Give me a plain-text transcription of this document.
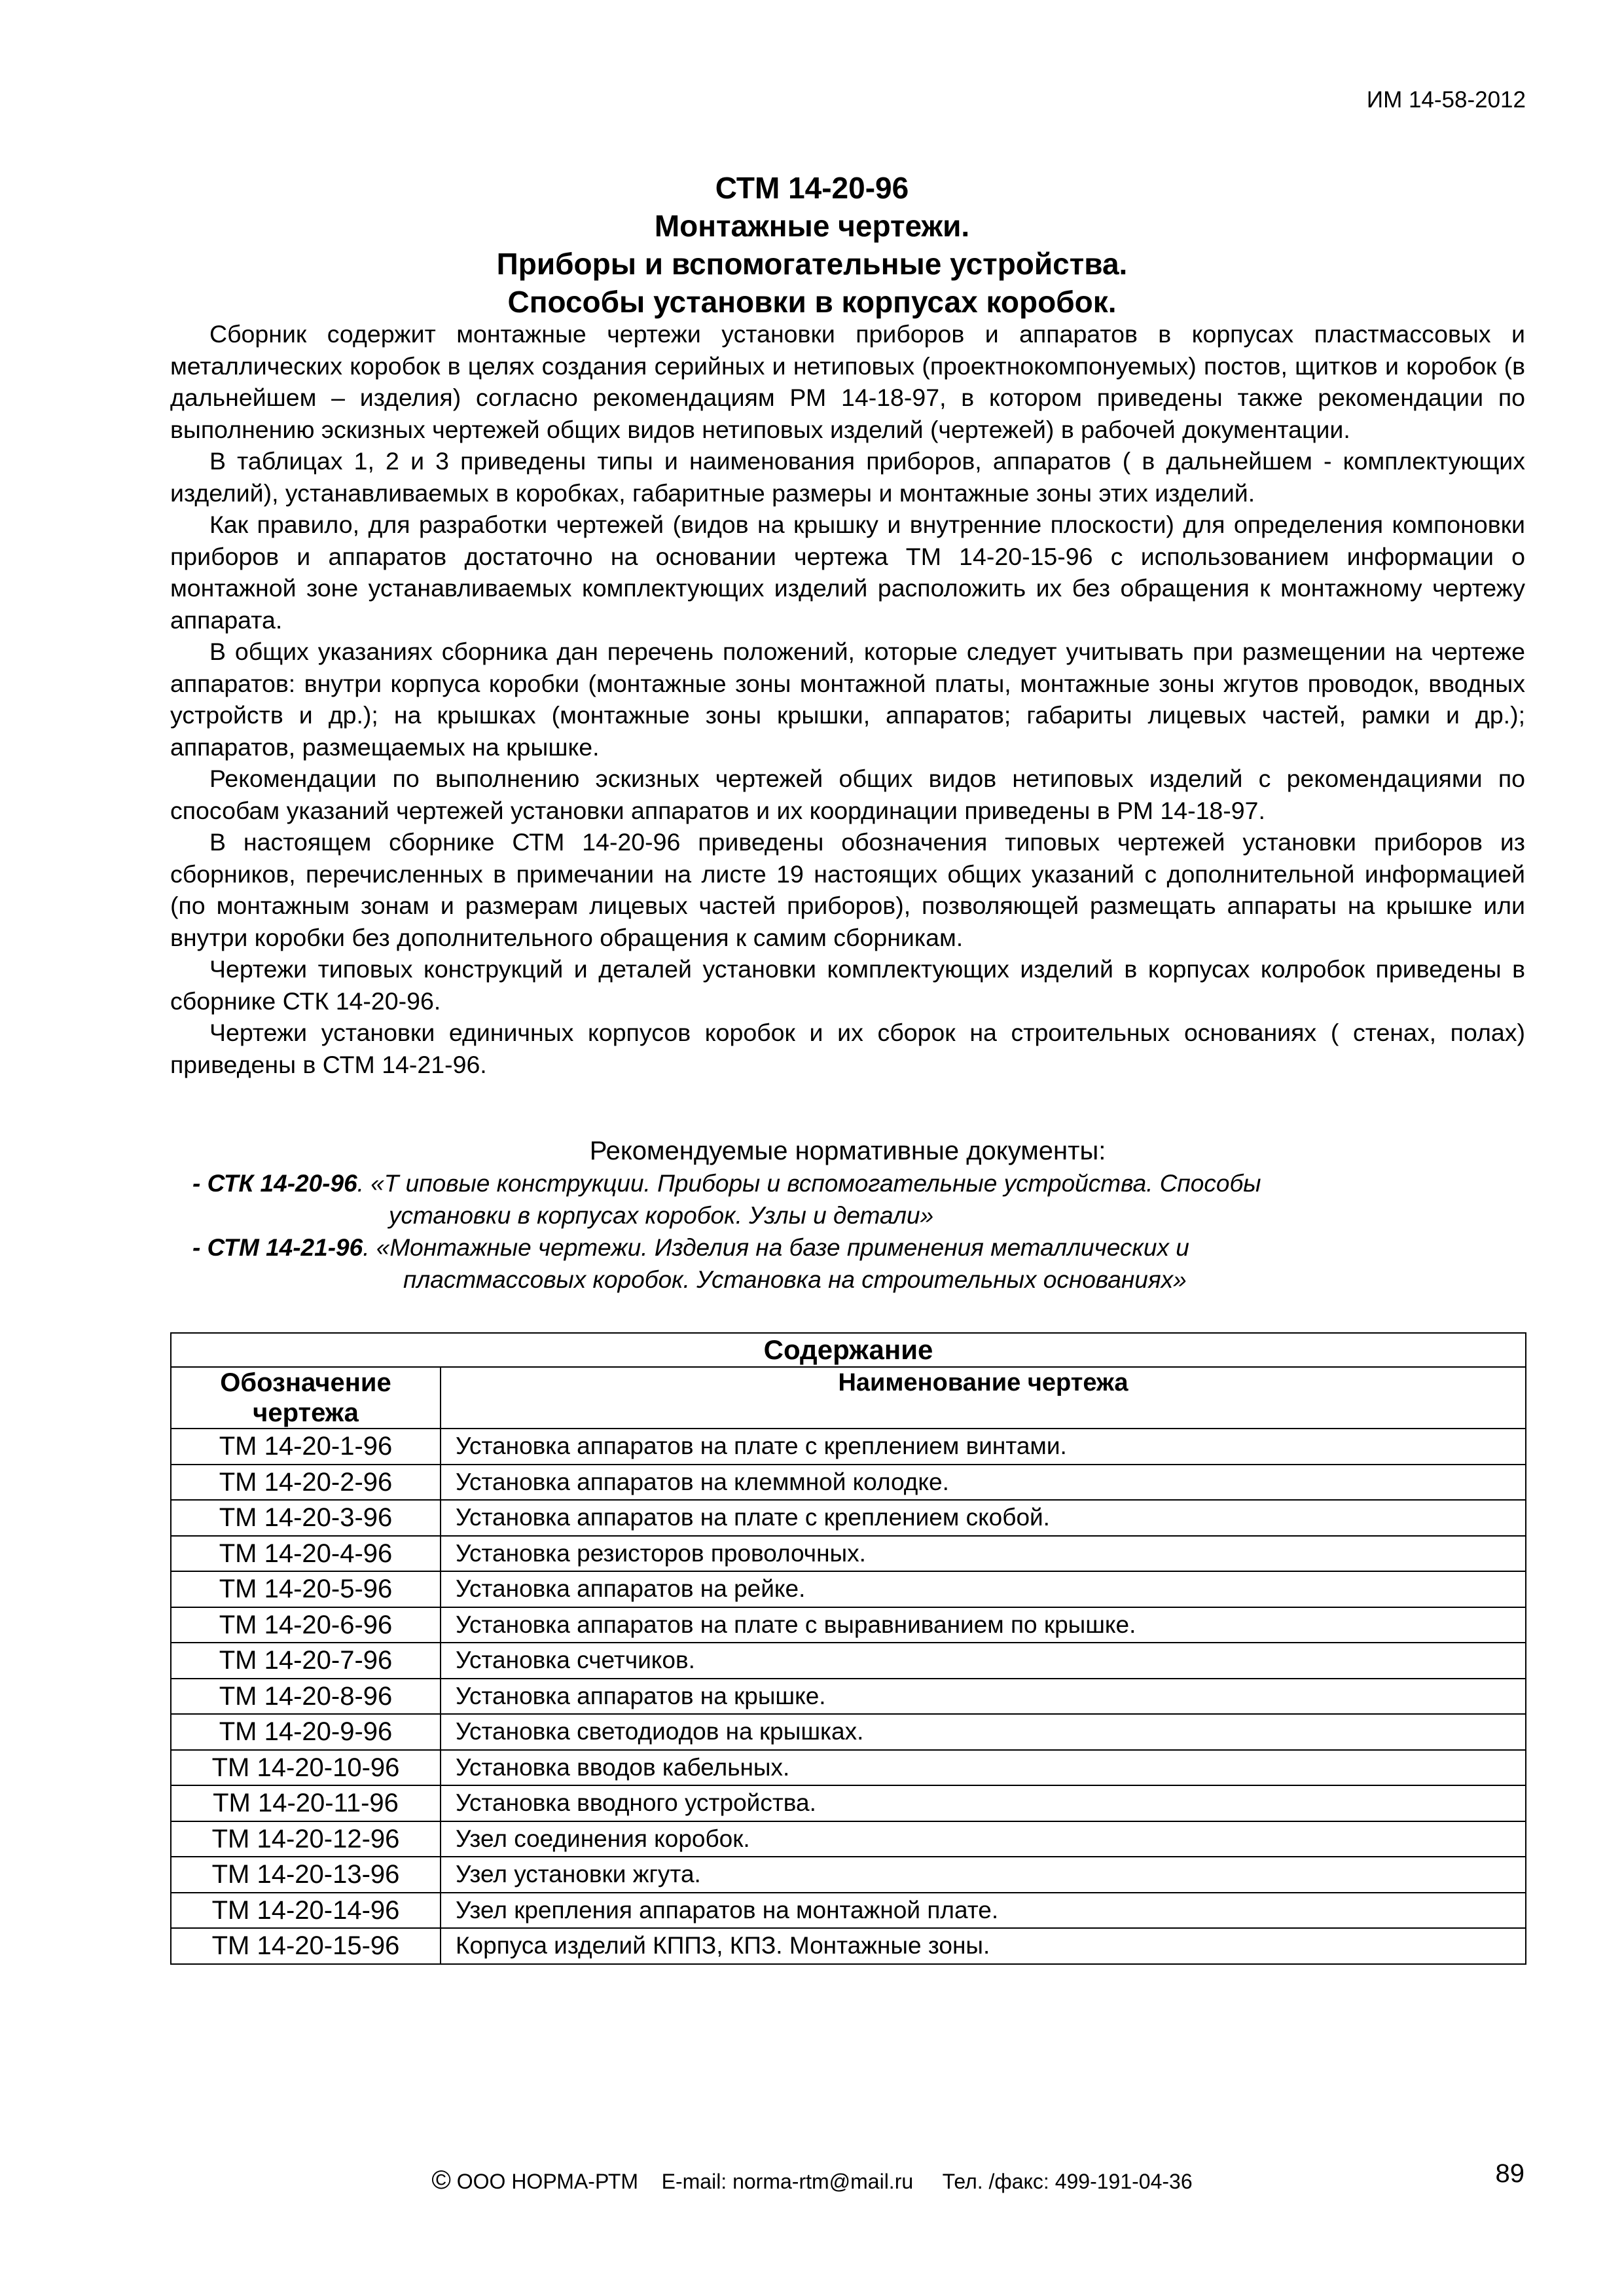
ИМ 14-58-2012
СТМ 14-20-96
Монтажные чертежи.
Приборы и вспомогательные устройства.
Способы установки в корпусах коробок.

Сборник содержит монтажные чертежи установки приборов и аппаратов в корпусах пластмассовых и металлических коробок в целях создания серийных и нетиповых (проектнокомпонуемых) постов, щитков и коробок (в дальнейшем – изделия) согласно рекомендациям РМ 14-18-97, в котором приведены также рекомендации по выполнению эскизных чертежей общих видов нетиповых изделий (чертежей) в рабочей документации.

В таблицах 1, 2 и 3 приведены типы и наименования приборов, аппаратов ( в дальнейшем - комплектующих изделий), устанавливаемых в коробках, габаритные размеры и монтажные зоны этих изделий.

Как правило, для разработки чертежей (видов на крышку и внутренние плоскости) для определения компоновки приборов и аппаратов достаточно на основании чертежа ТМ 14-20-15-96 с использованием информации о монтажной зоне устанавливаемых комплектующих изделий расположить их без обращения к монтажному чертежу аппарата.

В общих указаниях сборника дан перечень положений, которые следует учитывать при размещении на чертеже аппаратов: внутри корпуса коробки (монтажные зоны монтажной платы, монтажные зоны жгутов проводок, вводных устройств и др.); на крышках (монтажные зоны крышки, аппаратов; габариты лицевых частей, рамки и др.); аппаратов, размещаемых на крышке.

Рекомендации по выполнению эскизных чертежей общих видов нетиповых изделий с рекомендациями по способам указаний чертежей установки аппаратов и их координации приведены в РМ 14-18-97.

В настоящем сборнике СТМ 14-20-96 приведены обозначения типовых чертежей установки приборов из сборников, перечисленных в примечании на листе 19 настоящих общих указаний с дополнительной информацией (по монтажным зонам и размерам лицевых частей приборов), позволяющей размещать аппараты на крышке или внутри коробки без дополнительного обращения к самим сборникам.

Чертежи типовых конструкций и деталей установки комплектующих изделий в корпусах колробок приведены в сборнике СТК 14-20-96.

Чертежи установки единичных корпусов коробок и их сборок на строительных основаниях ( стенах, полах) приведены в СТМ 14-21-96.

Рекомендуемые нормативные документы:
- СТК 14-20-96. «Т иповые конструкции. Приборы и вспомогательные устройства. Способы
установки в корпусах коробок. Узлы и детали»
- СТМ 14-21-96. «Монтажные чертежи. Изделия на базе применения металлических и
пластмассовых коробок. Установка на строительных основаниях»
Содержание	
Обозначение чертежа	Наименование чертежа
ТМ 14-20-1-96	Установка аппаратов на плате с креплением винтами.
ТМ 14-20-2-96	Установка аппаратов на клеммной колодке.
ТМ 14-20-3-96	Установка аппаратов на плате с креплением скобой.
ТМ 14-20-4-96	Установка резисторов проволочных.
ТМ 14-20-5-96	Установка аппаратов на рейке.
ТМ 14-20-6-96	Установка аппаратов на плате с выравниванием по крышке.
ТМ 14-20-7-96	Установка счетчиков.
ТМ 14-20-8-96	Установка аппаратов на крышке.
ТМ 14-20-9-96	Установка светодиодов на крышках.
ТМ 14-20-10-96	Установка вводов кабельных.
ТМ 14-20-11-96	Установка вводного устройства.
ТМ 14-20-12-96	Узел соединения коробок.
ТМ 14-20-13-96	Узел установки жгута.
ТМ 14-20-14-96	Узел крепления аппаратов на монтажной плате.
ТМ 14-20-15-96	Корпуса изделий КППЗ, КПЗ. Монтажные зоны.
© ООО НОРМА-РТМ E-mail: norma-rtm@mail.ru Тел. /факс: 499-191-04-36	89
